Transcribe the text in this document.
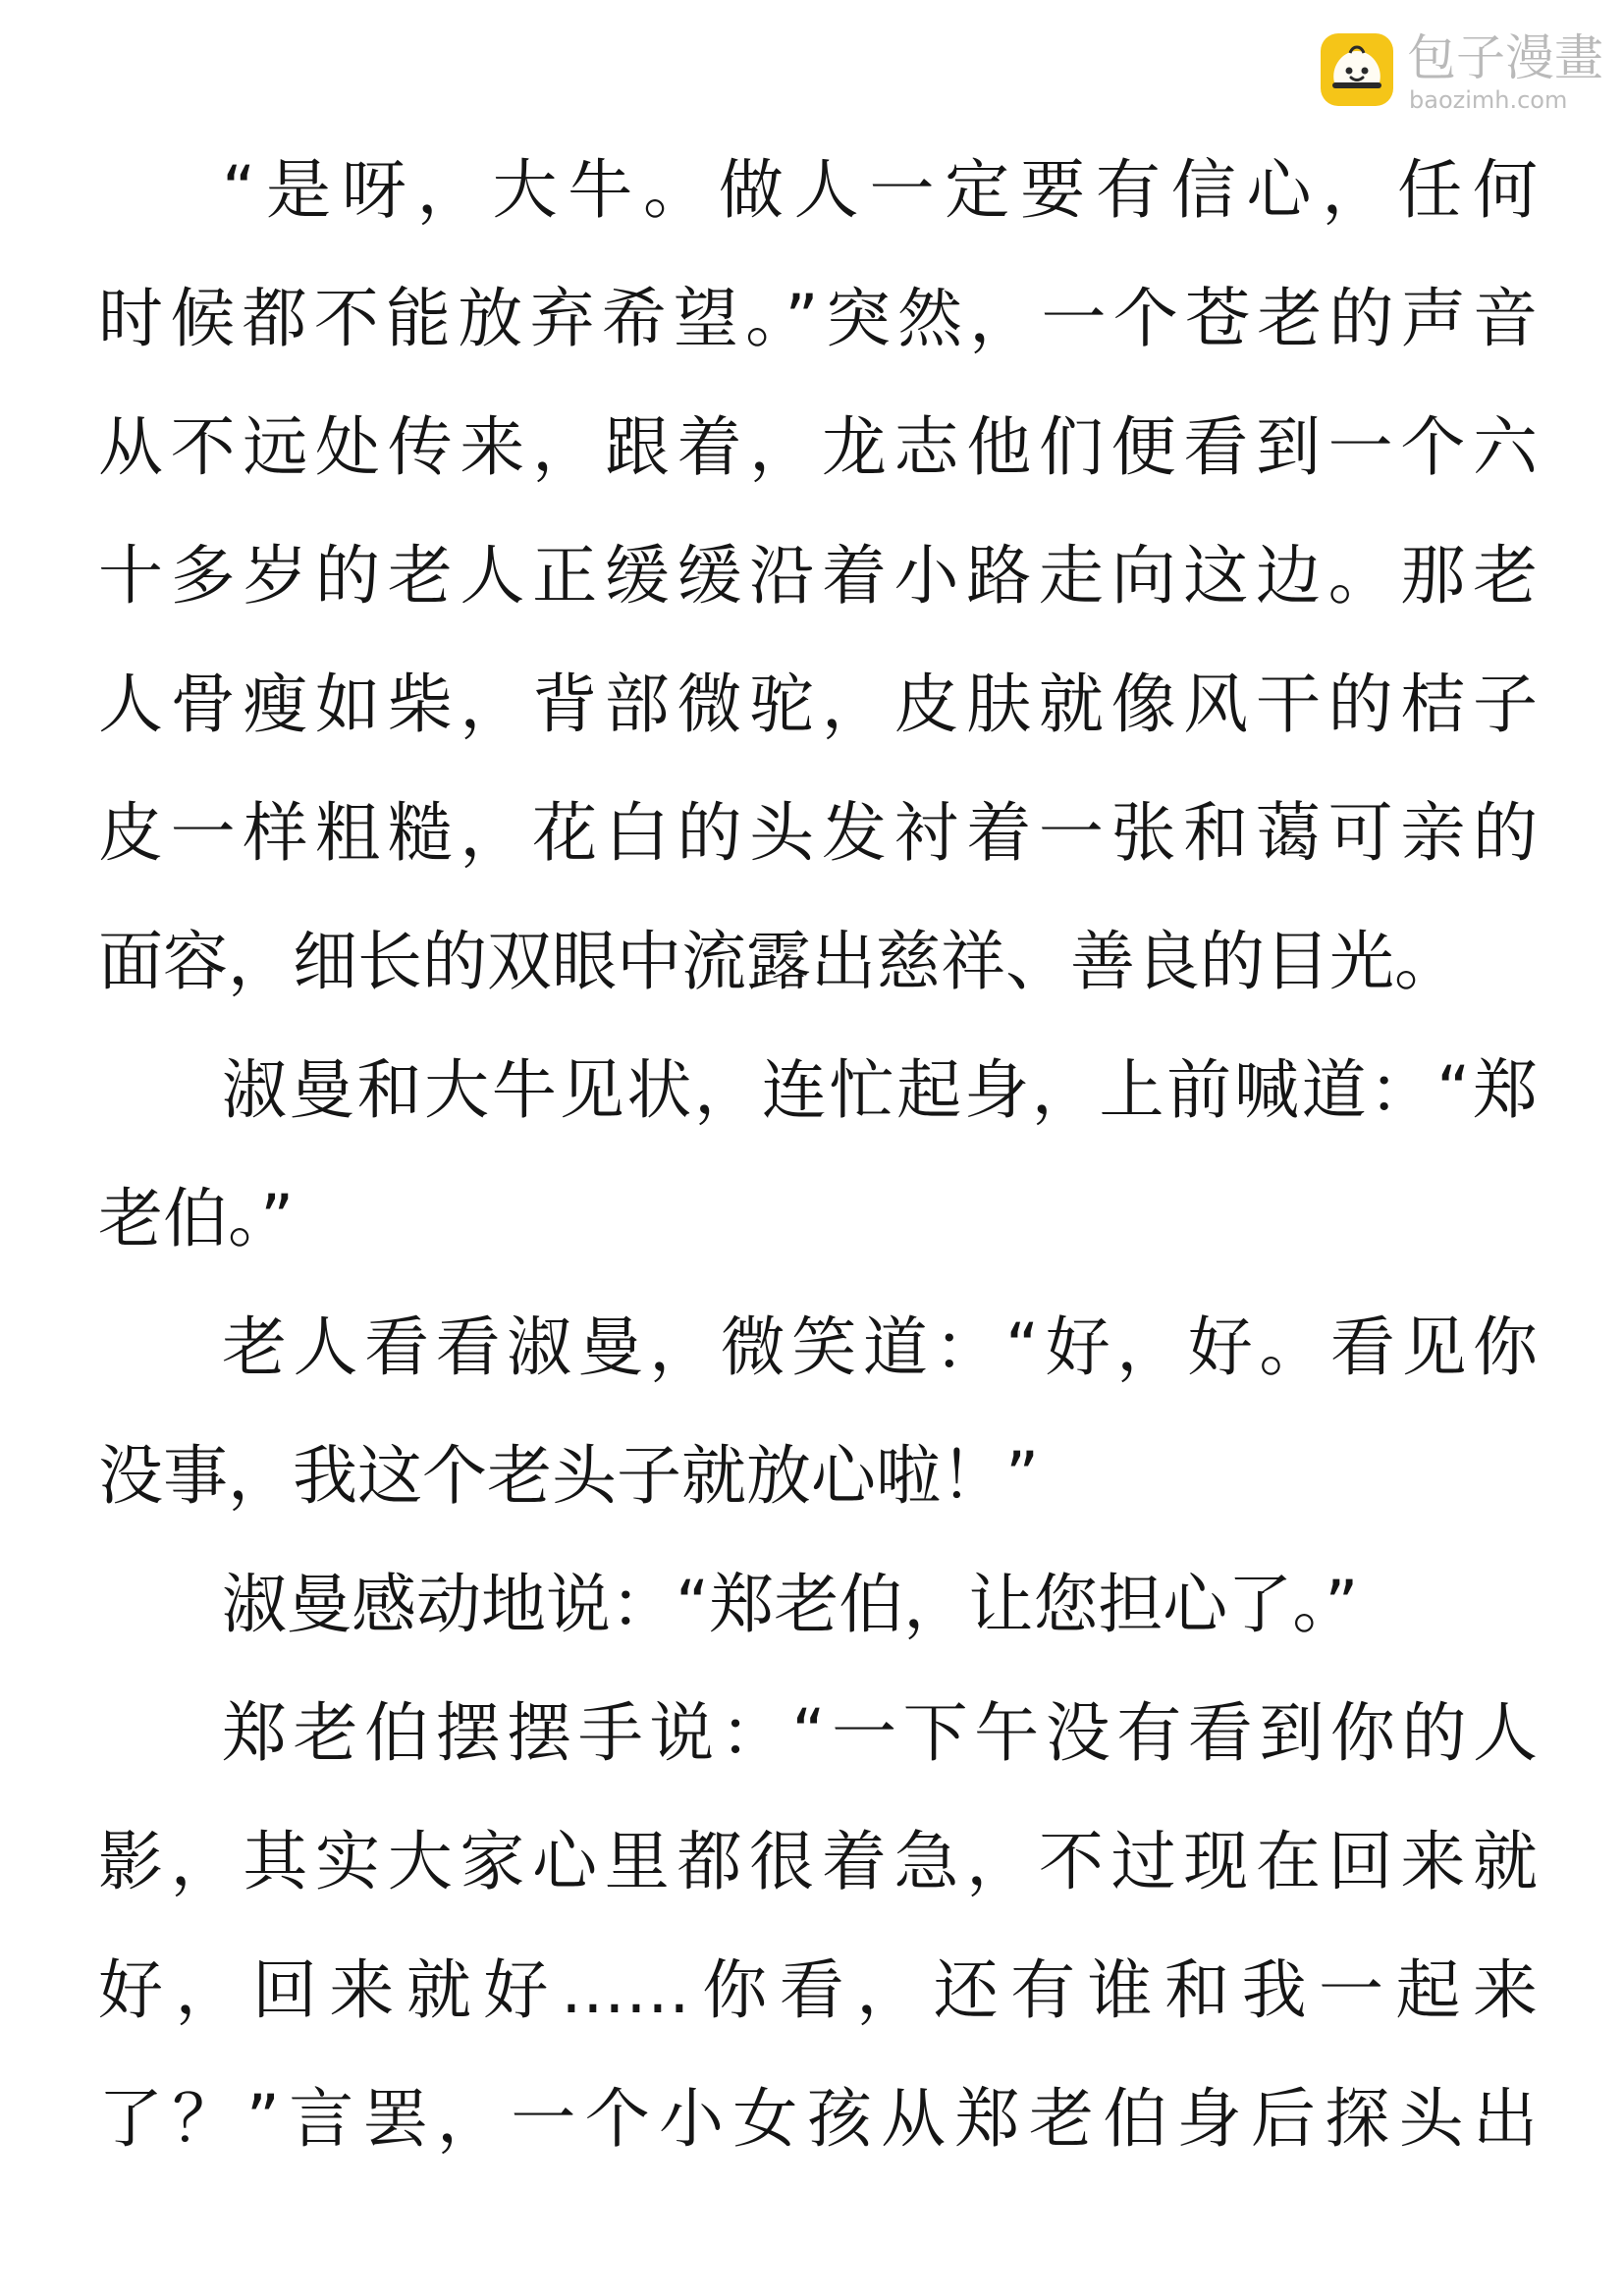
包子漫畫
baozimh.com
“是呀，大牛。做人一定要有信心，任何
时候都不能放弃希望。”突然，一个苍老的声音
从不远处传来，跟着，龙志他们便看到一个六
十多岁的老人正缓缓沿着小路走向这边。那老
人骨瘦如柴，背部微驼，皮肤就像风干的桔子
皮一样粗糙，花白的头发衬着一张和蔼可亲的
面容，细长的双眼中流露出慈祥、善良的目光。
淑曼和大牛见状，连忙起身，上前喊道：“郑
老伯。”
老人看看淑曼，微笑道：“好，好。看见你
没事，我这个老头子就放心啦！”
淑曼感动地说：“郑老伯，让您担心了。”
郑老伯摆摆手说：“一下午没有看到你的人
影，其实大家心里都很着急，不过现在回来就
好，回来就好……你看，还有谁和我一起来
了？”言罢，一个小女孩从郑老伯身后探头出
